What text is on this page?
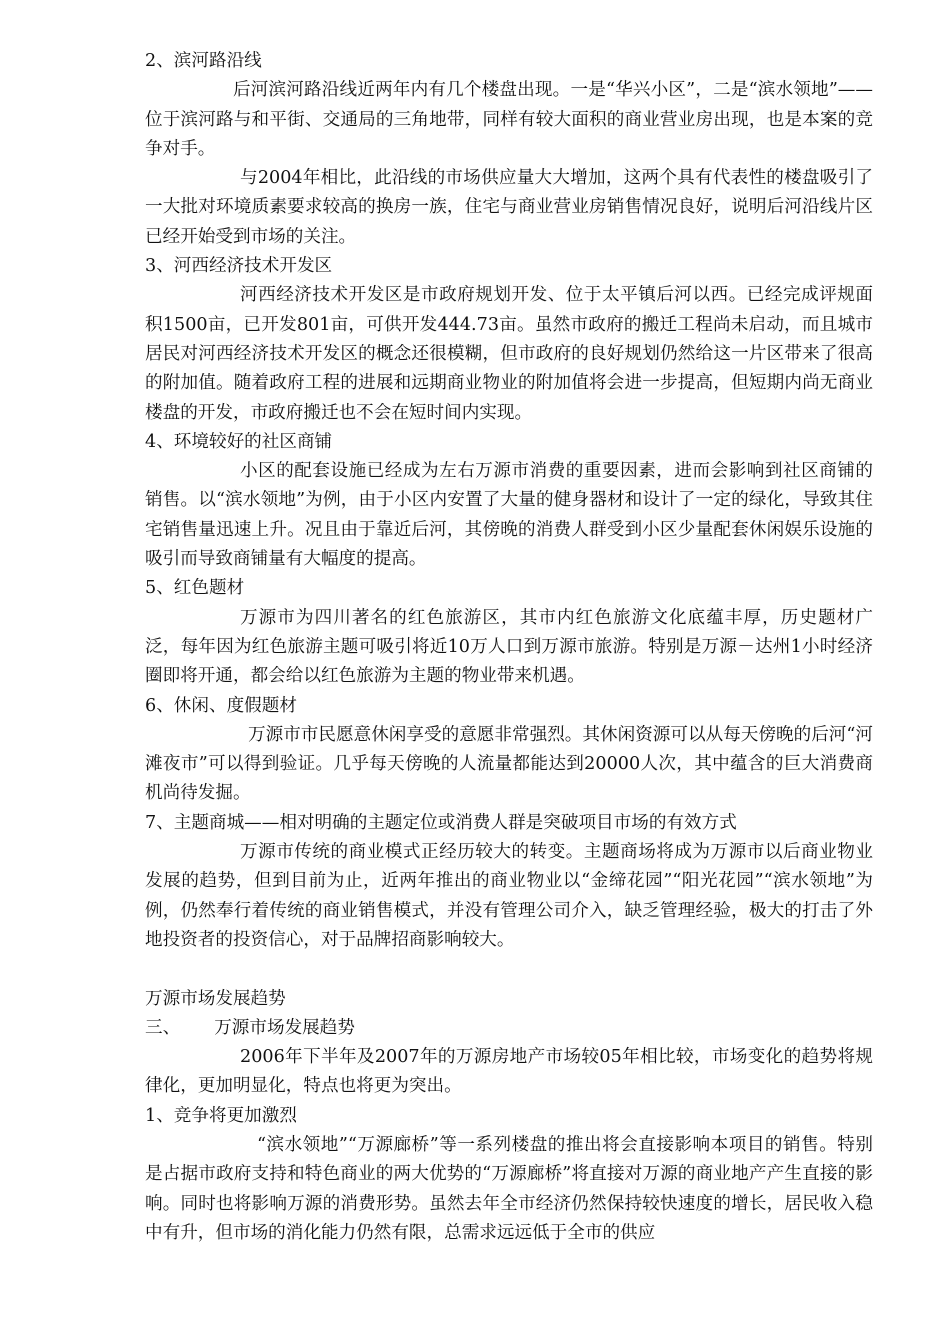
2、滨河路沿线

后河滨河路沿线近两年内有几个楼盘出现。一是“华兴小区”，二是“滨水领地”——位于滨河路与和平街、交通局的三角地带，同样有较大面积的商业营业房出现，也是本案的竞争对手。

与2004年相比，此沿线的市场供应量大大增加，这两个具有代表性的楼盘吸引了一大批对环境质素要求较高的换房一族，住宅与商业营业房销售情况良好，说明后河沿线片区已经开始受到市场的关注。

3、河西经济技术开发区

河西经济技术开发区是市政府规划开发、位于太平镇后河以西。已经完成评规面积1500亩，已开发801亩，可供开发444.73亩。虽然市政府的搬迁工程尚未启动，而且城市居民对河西经济技术开发区的概念还很模糊，但市政府的良好规划仍然给这一片区带来了很高的附加值。随着政府工程的进展和远期商业物业的附加值将会进一步提高，但短期内尚无商业楼盘的开发，市政府搬迁也不会在短时间内实现。

4、环境较好的社区商铺

小区的配套设施已经成为左右万源市消费的重要因素，进而会影响到社区商铺的销售。以“滨水领地”为例，由于小区内安置了大量的健身器材和设计了一定的绿化，导致其住宅销售量迅速上升。况且由于靠近后河，其傍晚的消费人群受到小区少量配套休闲娱乐设施的吸引而导致商铺量有大幅度的提高。

5、红色题材

万源市为四川著名的红色旅游区，其市内红色旅游文化底蕴丰厚，历史题材广泛，每年因为红色旅游主题可吸引将近10万人口到万源市旅游。特别是万源－达州1小时经济圈即将开通，都会给以红色旅游为主题的物业带来机遇。

6、休闲、度假题材

万源市市民愿意休闲享受的意愿非常强烈。其休闲资源可以从每天傍晚的后河“河滩夜市”可以得到验证。几乎每天傍晚的人流量都能达到20000人次，其中蕴含的巨大消费商机尚待发掘。

7、主题商城——相对明确的主题定位或消费人群是突破项目市场的有效方式

万源市传统的商业模式正经历较大的转变。主题商场将成为万源市以后商业物业发展的趋势，但到目前为止，近两年推出的商业物业以“金缔花园”“阳光花园”“滨水领地”为例，仍然奉行着传统的商业销售模式，并没有管理公司介入，缺乏管理经验，极大的打击了外地投资者的投资信心，对于品牌招商影响较大。

万源市场发展趋势

三、 万源市场发展趋势

2006年下半年及2007年的万源房地产市场较05年相比较，市场变化的趋势将规律化，更加明显化，特点也将更为突出。

1、竞争将更加激烈

“滨水领地”“万源廊桥”等一系列楼盘的推出将会直接影响本项目的销售。特别是占据市政府支持和特色商业的两大优势的“万源廊桥”将直接对万源的商业地产产生直接的影响。同时也将影响万源的消费形势。虽然去年全市经济仍然保持较快速度的增长，居民收入稳中有升，但市场的消化能力仍然有限，总需求远远低于全市的供应
